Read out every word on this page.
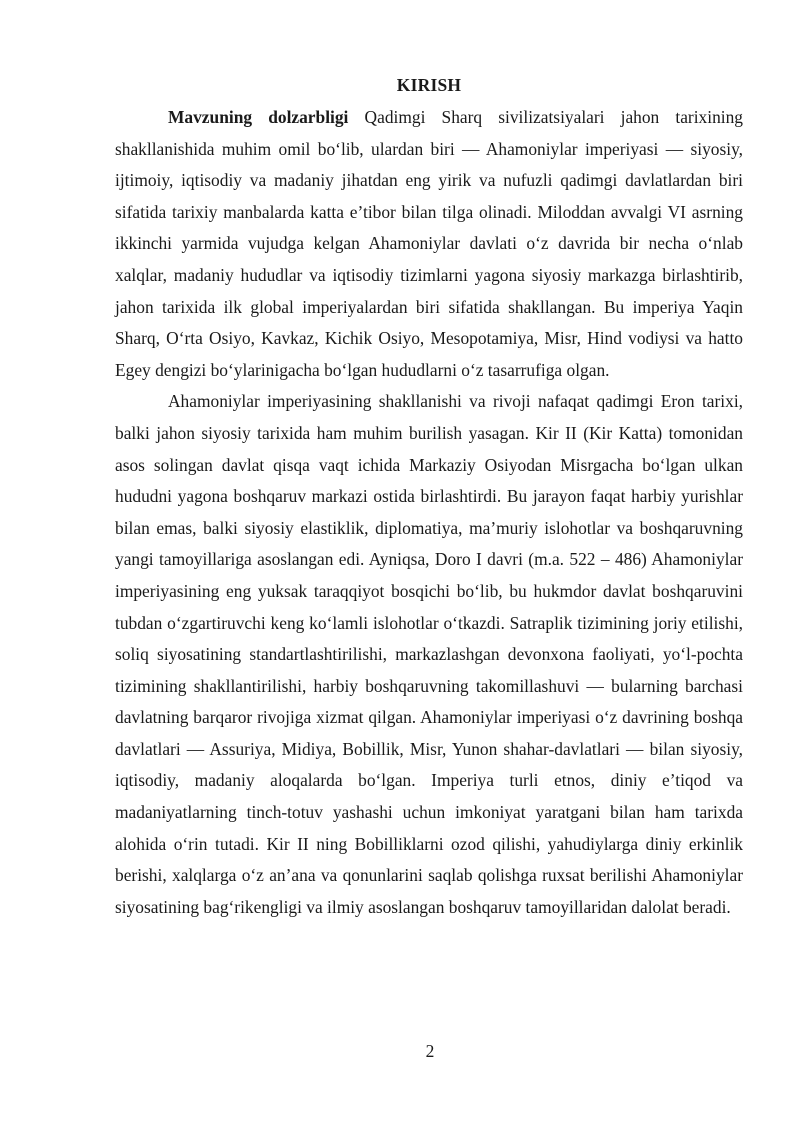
KIRISH

Mavzuning dolzarbligi Qadimgi Sharq sivilizatsiyalari jahon tarixining shakllanishida muhim omil bo‘lib, ulardan biri — Ahamoniylar imperiyasi — siyosiy, ijtimoiy, iqtisodiy va madaniy jihatdan eng yirik va nufuzli qadimgi davlatlardan biri sifatida tarixiy manbalarda katta e’tibor bilan tilga olinadi. Miloddan avvalgi VI asrning ikkinchi yarmida vujudga kelgan Ahamoniylar davlati o‘z davrida bir necha o‘nlab xalqlar, madaniy hududlar va iqtisodiy tizimlarni yagona siyosiy markazga birlashtirib, jahon tarixida ilk global imperiyalardan biri sifatida shakllangan. Bu imperiya Yaqin Sharq, O‘rta Osiyo, Kavkaz, Kichik Osiyo, Mesopotamiya, Misr, Hind vodiysi va hatto Egey dengizi bo‘ylarinigacha bo‘lgan hududlarni o‘z tasarrufiga olgan.

Ahamoniylar imperiyasining shakllanishi va rivoji nafaqat qadimgi Eron tarixi, balki jahon siyosiy tarixida ham muhim burilish yasagan. Kir II (Kir Katta) tomonidan asos solingan davlat qisqa vaqt ichida Markaziy Osiyodan Misrgacha bo‘lgan ulkan hududni yagona boshqaruv markazi ostida birlashtirdi. Bu jarayon faqat harbiy yurishlar bilan emas, balki siyosiy elastiklik, diplomatiya, ma’muriy islohotlar va boshqaruvning yangi tamoyillariga asoslangan edi. Ayniqsa, Doro I davri (m.a. 522 – 486) Ahamoniylar imperiyasining eng yuksak taraqqiyot bosqichi bo‘lib, bu hukmdor davlat boshqaruvini tubdan o‘zgartiruvchi keng ko‘lamli islohotlar o‘tkazdi. Satraplik tizimining joriy etilishi, soliq siyosatining standartlashtirilishi, markazlashgan devonxona faoliyati, yo‘l-pochta tizimining shakllantirilishi, harbiy boshqaruvning takomillashuvi — bularning barchasi davlatning barqaror rivojiga xizmat qilgan. Ahamoniylar imperiyasi o‘z davrining boshqa davlatlari — Assuriya, Midiya, Bobillik, Misr, Yunon shahar-davlatlari — bilan siyosiy, iqtisodiy, madaniy aloqalarda bo‘lgan. Imperiya turli etnos, diniy e’tiqod va madaniyatlarning tinch-totuv yashashi uchun imkoniyat yaratgani bilan ham tarixda alohida o‘rin tutadi. Kir II ning Bobilliklarni ozod qilishi, yahudiylarga diniy erkinlik berishi, xalqlarga o‘z an’ana va qonunlarini saqlab qolishga ruxsat berilishi Ahamoniylar siyosatining bag‘rikengligi va ilmiy asoslangan boshqaruv tamoyillaridan dalolat beradi.

2
